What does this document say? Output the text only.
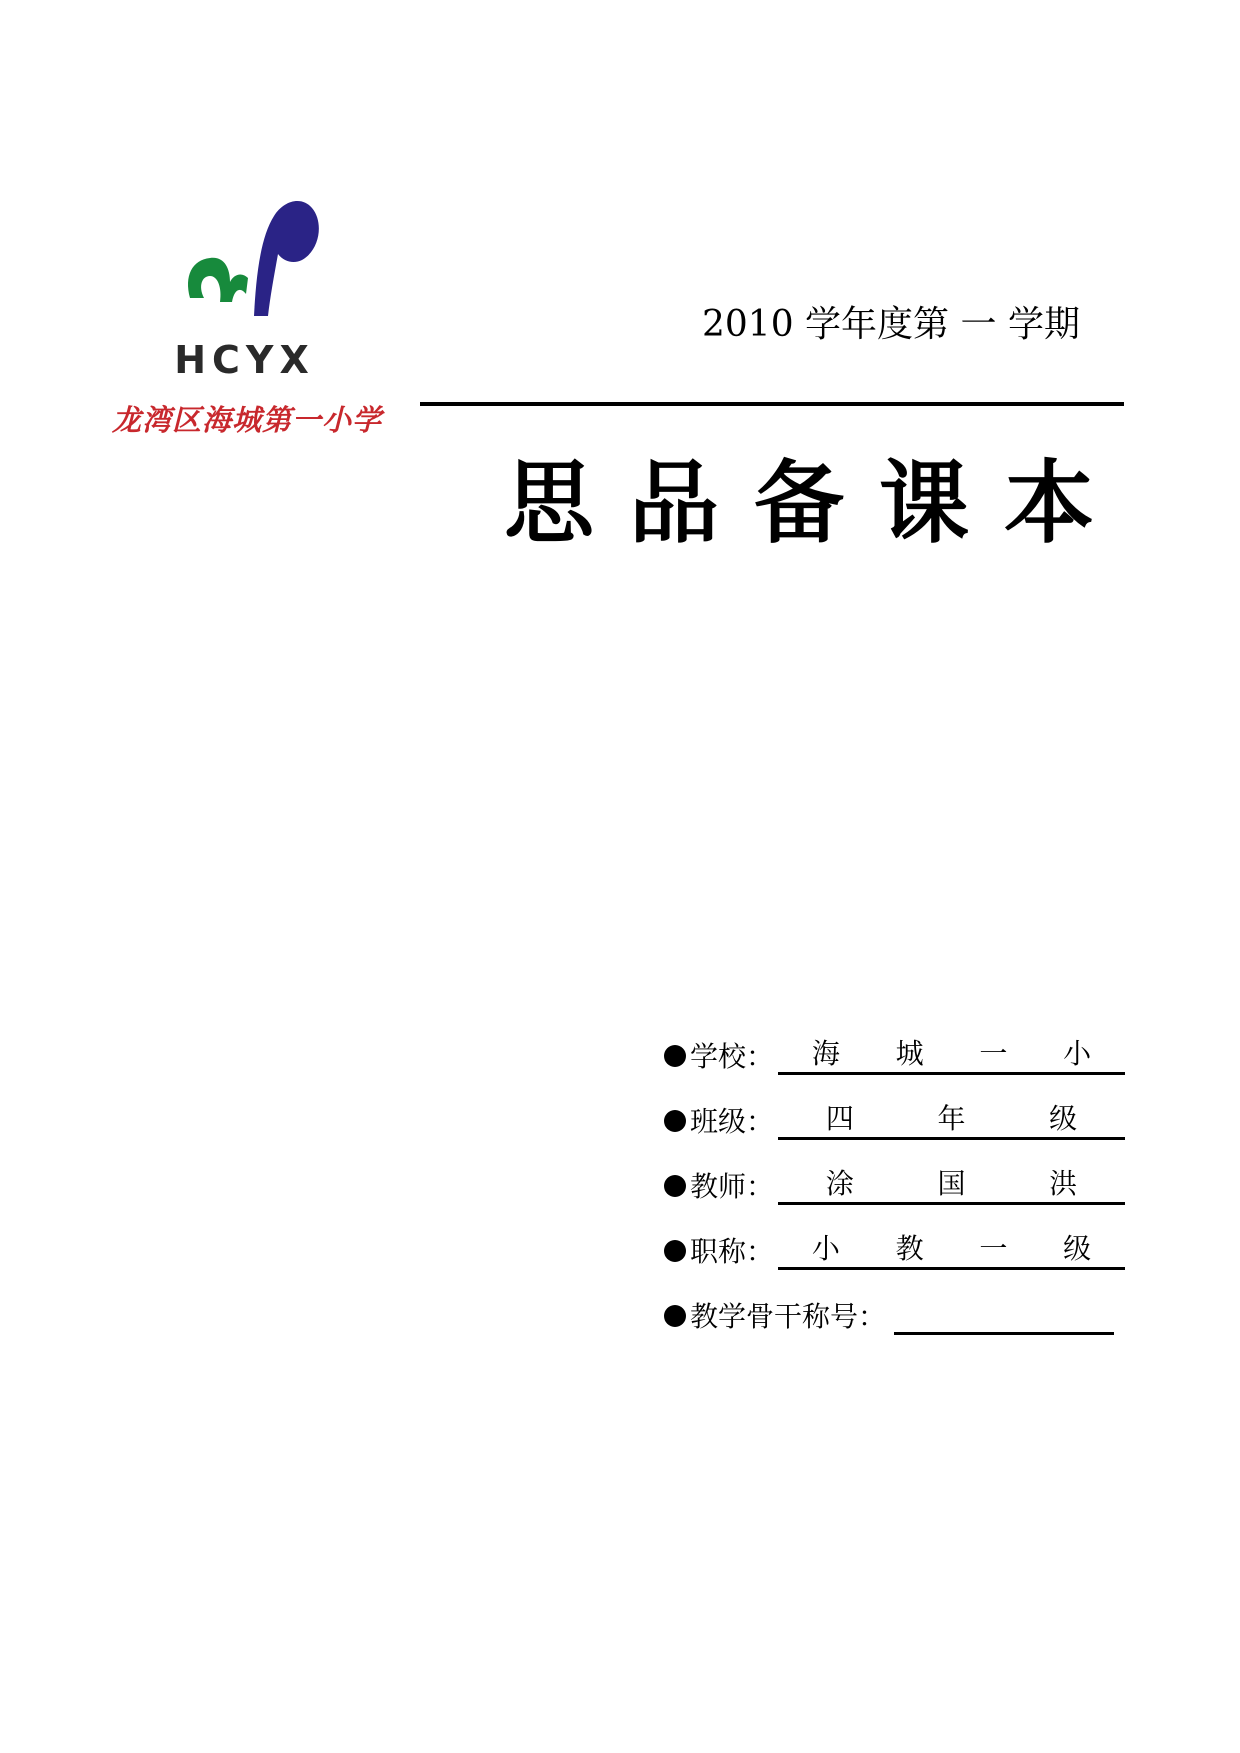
HCYX
龙湾区海城第一小学
2010 学年度第 一 学期
思 品 备 课 本
学校： 海 城 一 小
班级： 四	年	级
教师： 涂	国	洪
职称： 小 教 一 级
教学骨干称号：
